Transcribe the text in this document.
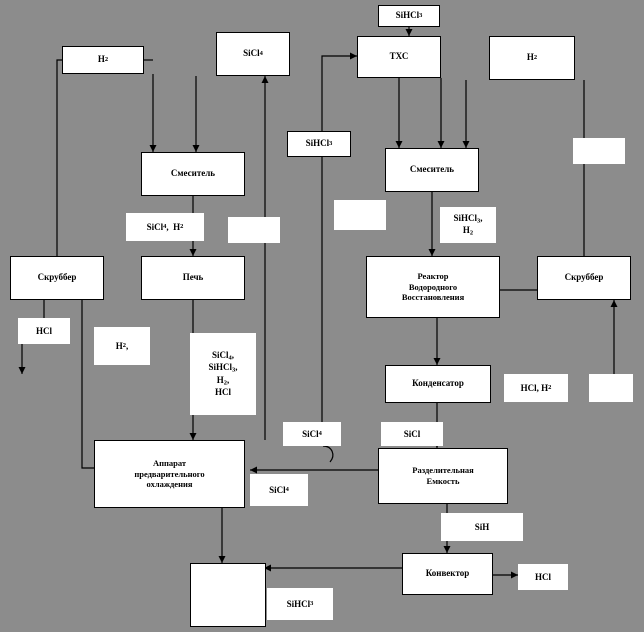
SiHCl 3
SiCl 4	ТХС
H 2	H 2
SiHCl 3
Смеситель	Смеситель
SiCl 4 ,  H 2
SiHCl$_3$,
$H_2$
Скруббер	Печь	Реактор
Водородного
Восстановления
Скруббер
HCl
H 2 ,
SiCl$_4$,
SiHCl$_3$,
$H_2$,
HCl
Конденсатор	HCl, H 2
SiCl 4	SiCl
Аппарат
предварительного
охлаждения
Разделительная
Емкость
SiCl 4
SiH
Конвектор	HCl
SiHCl 3
